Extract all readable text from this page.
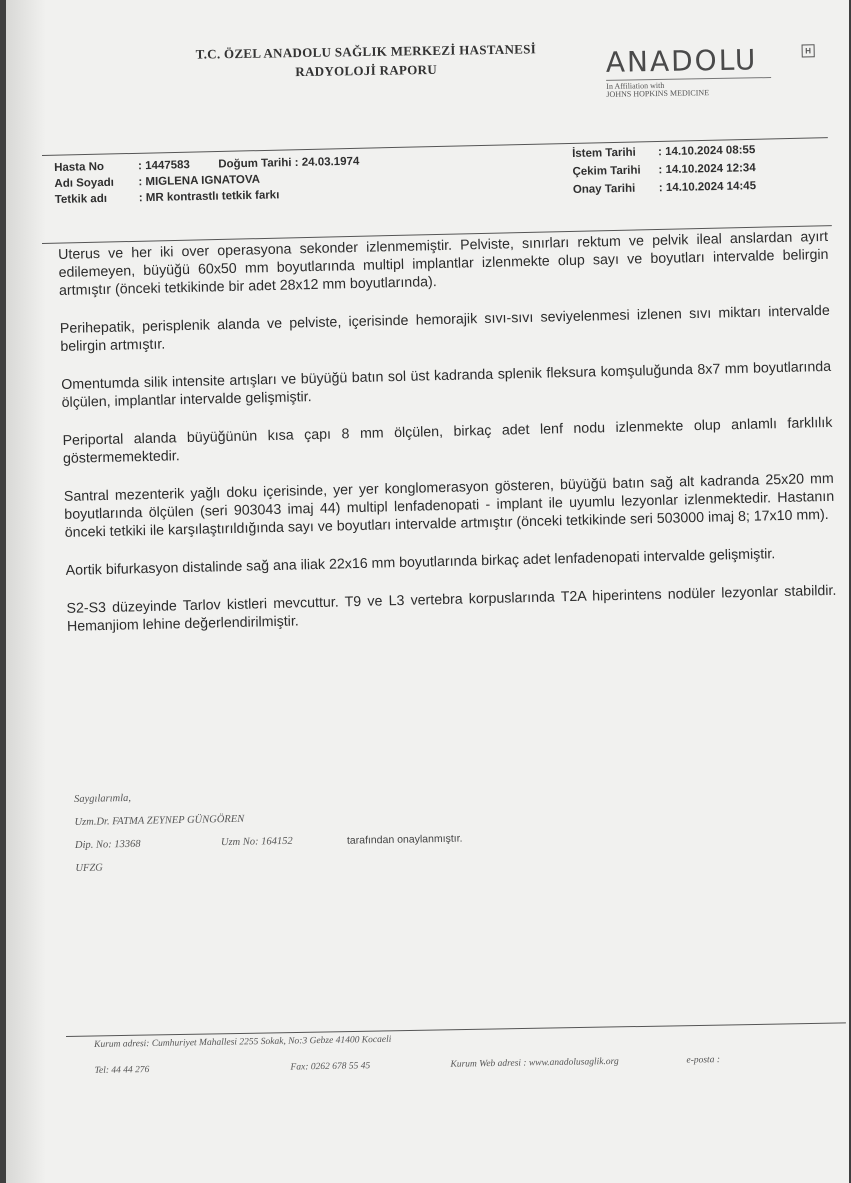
T.C. ÖZEL ANADOLU SAĞLIK MERKEZİ HASTANESİ
RADYOLOJİ RAPORU	ANADOLU	H
In Affiliation with
JOHNS HOPKINS MEDICINE
Hasta No	: 1447583 Doğum Tarihi : 24.03.1974
Adı Soyadı : MIGLENA IGNATOVA
Tetkik adı	: MR kontrastlı tetkik farkı
İstem Tarihi : 14.10.2024 08:55
Çekim Tarihi : 14.10.2024 12:34
Onay Tarihi : 14.10.2024 14:45

Uterus ve her iki over operasyona sekonder izlenmemiştir. Pelviste, sınırları rektum ve pelvik ileal anslardan ayırt edilemeyen, büyüğü 60x50 mm boyutlarında multipl implantlar izlenmekte olup sayı ve boyutları intervalde belirgin artmıştır (önceki tetkikinde bir adet 28x12 mm boyutlarında).

Perihepatik, perisplenik alanda ve pelviste, içerisinde hemorajik sıvı-sıvı seviyelenmesi izlenen sıvı miktarı intervalde belirgin artmıştır.

Omentumda silik intensite artışları ve büyüğü batın sol üst kadranda splenik fleksura komşuluğunda 8x7 mm boyutlarında ölçülen, implantlar intervalde gelişmiştir.

Periportal alanda büyüğünün kısa çapı 8 mm ölçülen, birkaç adet lenf nodu izlenmekte olup anlamlı farklılık göstermemektedir.

Santral mezenterik yağlı doku içerisinde, yer yer konglomerasyon gösteren, büyüğü batın sağ alt kadranda 25x20 mm boyutlarında ölçülen (seri 903043 imaj 44) multipl lenfadenopati - implant ile uyumlu lezyonlar izlenmektedir. Hastanın önceki tetkiki ile karşılaştırıldığında sayı ve boyutları intervalde artmıştır (önceki tetkikinde seri 503000 imaj 8; 17x10 mm).

Aortik bifurkasyon distalinde sağ ana iliak 22x16 mm boyutlarında birkaç adet lenfadenopati intervalde gelişmiştir.

S2-S3 düzeyinde Tarlov kistleri mevcuttur. T9 ve L3 vertebra korpuslarında T2A hiperintens nodüler lezyonlar stabildir. Hemanjiom lehine değerlendirilmiştir.

Saygılarımla,
Uzm.Dr. FATMA ZEYNEP GÜNGÖREN
Dip. No: 13368	Uzm No: 164152	tarafından onaylanmıştır.
UFZG
Kurum adresi: Cumhuriyet Mahallesi 2255 Sokak, No:3 Gebze 41400 Kocaeli
Tel: 44 44 276	Fax: 0262 678 55 45	Kurum Web adresi : www.anadolusaglik.org	e-posta :
